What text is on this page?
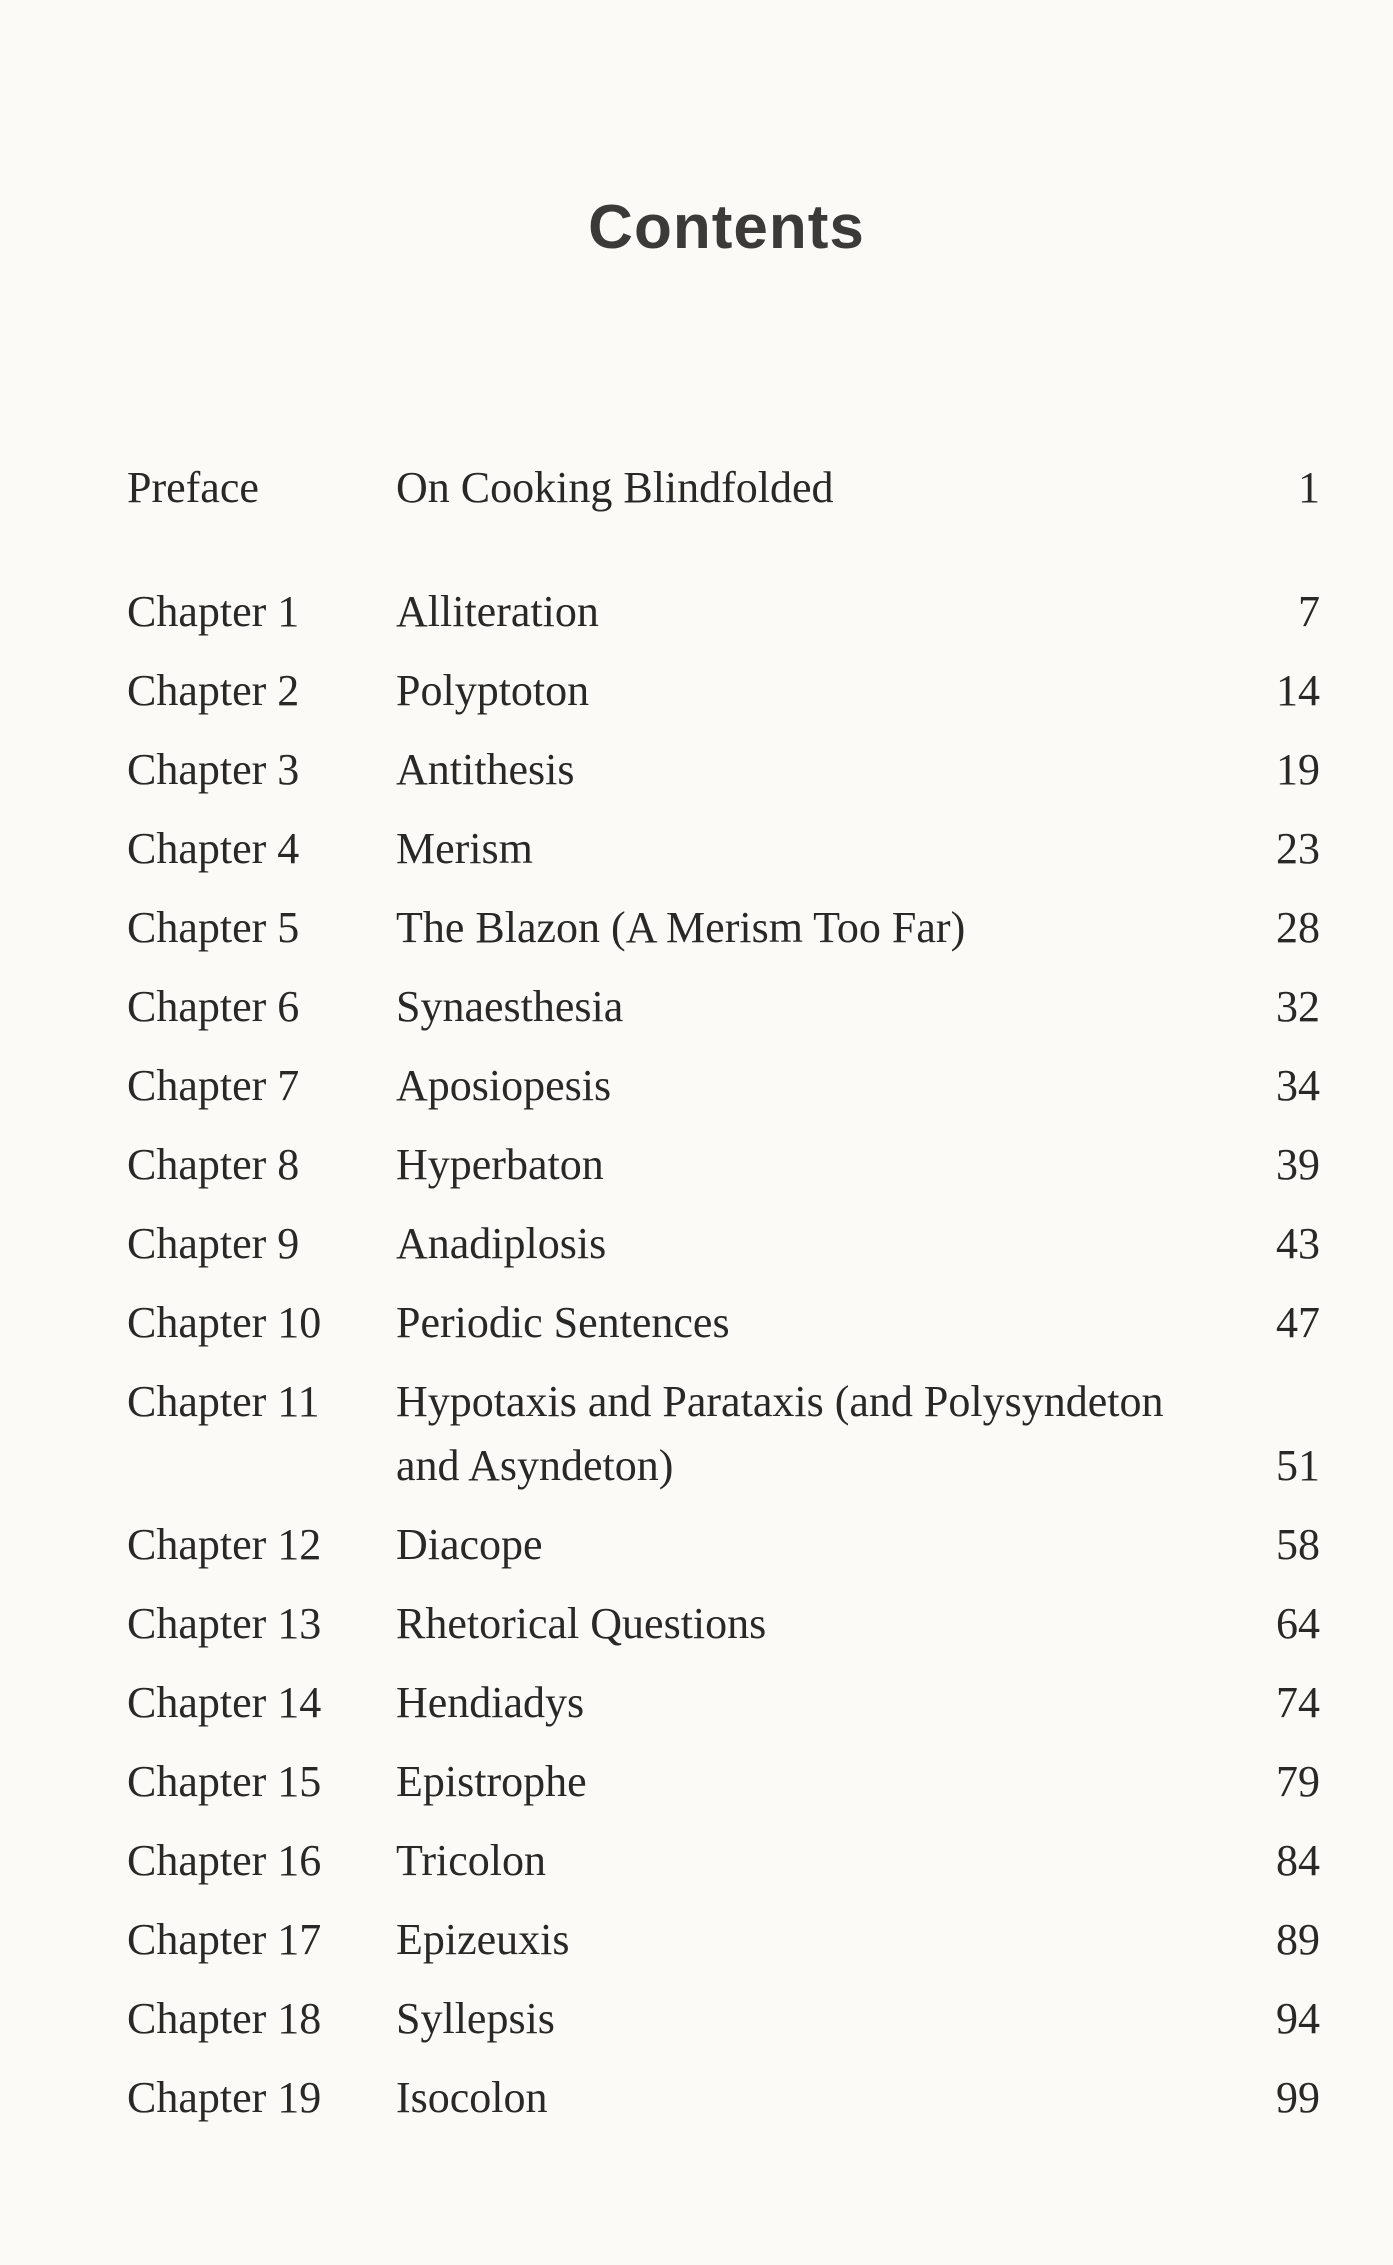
Contents
Preface	On Cooking Blindfolded	1
Chapter 1 Alliteration	7
Chapter 2 Polyptoton	14
Chapter 3 Antithesis	19
Chapter 4 Merism	23
Chapter 5 The Blazon (A Merism Too Far)	28
Chapter 6 Synaesthesia	32
Chapter 7 Aposiopesis	34
Chapter 8 Hyperbaton	39
Chapter 9 Anadiplosis	43
Chapter 10 Periodic Sentences	47
Chapter 11 Hypotaxis and Parataxis (and Polysyndeton
and Asyndeton)	51
Chapter 12 Diacope	58
Chapter 13 Rhetorical Questions	64
Chapter 14 Hendiadys	74
Chapter 15 Epistrophe	79
Chapter 16 Tricolon	84
Chapter 17 Epizeuxis	89
Chapter 18 Syllepsis	94
Chapter 19 Isocolon	99
